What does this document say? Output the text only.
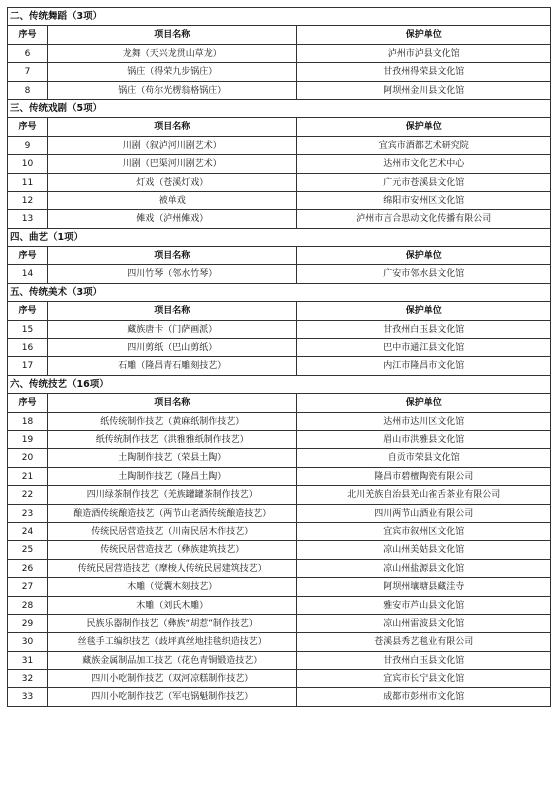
二、传统舞蹈（3项）
序号	项目名称	保护单位
6	龙舞（天兴龙贯山草龙）	泸州市泸县文化馆
7	锅庄（得荣九步锅庄）	甘孜州得荣县文化馆
8	锅庄（苟尔光楞翁格锅庄）	阿坝州金川县文化馆
三、传统戏剧（5项）
序号	项目名称	保护单位
9	川剧（叙泸河川剧艺术）	宜宾市酒都艺术研究院
10	川剧（巴渠河川剧艺术）	达州市文化艺术中心
11	灯戏（苍溪灯戏）	广元市苍溪县文化馆
12	被单戏	绵阳市安州区文化馆
13	傩戏（泸州傩戏）	泸州市言合思动文化传播有限公司
四、曲艺（1项）
序号	项目名称	保护单位
14	四川竹琴（邻水竹琴）	广安市邻水县文化馆
五、传统美术（3项）
序号	项目名称	保护单位
15	藏族唐卡（门萨画派）	甘孜州白玉县文化馆
16	四川剪纸（巴山剪纸）	巴中市通江县文化馆
17	石雕（隆昌青石雕刻技艺）	内江市隆昌市文化馆
六、传统技艺（16项）
序号	项目名称	保护单位
18	纸传统制作技艺（黄麻纸制作技艺）	达州市达川区文化馆
19	纸传统制作技艺（洪雅雅纸制作技艺）	眉山市洪雅县文化馆
20	土陶制作技艺（荣县土陶）	自贡市荣县文化馆
21	土陶制作技艺（隆昌土陶）	隆昌市碧檀陶瓷有限公司
22	四川绿茶制作技艺（羌族罐罐茶制作技艺）	北川羌族自治县羌山雀舌茶业有限公司
23	酿造酒传统酿造技艺（两节山老酒传统酿造技艺）	四川两节山酒业有限公司
24	传统民居营造技艺（川南民居木作技艺）	宜宾市叙州区文化馆
25	传统民居营造技艺（彝族建筑技艺）	凉山州美姑县文化馆
26	传统民居营造技艺（摩梭人传统民居建筑技艺）	凉山州盐源县文化馆
27	木雕（觉囊木刻技艺）	阿坝州壤塘县藏洼寺
28	木雕（刘氏木雕）	雅安市芦山县文化馆
29	民族乐器制作技艺（彝族“胡惹”制作技艺）	凉山州雷波县文化馆
30	丝毯手工编织技艺（歧坪真丝地挂毯织造技艺）	苍溪县秀艺毯业有限公司
31	藏族金属制品加工技艺（花色青铜锻造技艺）	甘孜州白玉县文化馆
32	四川小吃制作技艺（双河凉糕制作技艺）	宜宾市长宁县文化馆
33	四川小吃制作技艺（军屯锅魁制作技艺）	成都市彭州市文化馆
